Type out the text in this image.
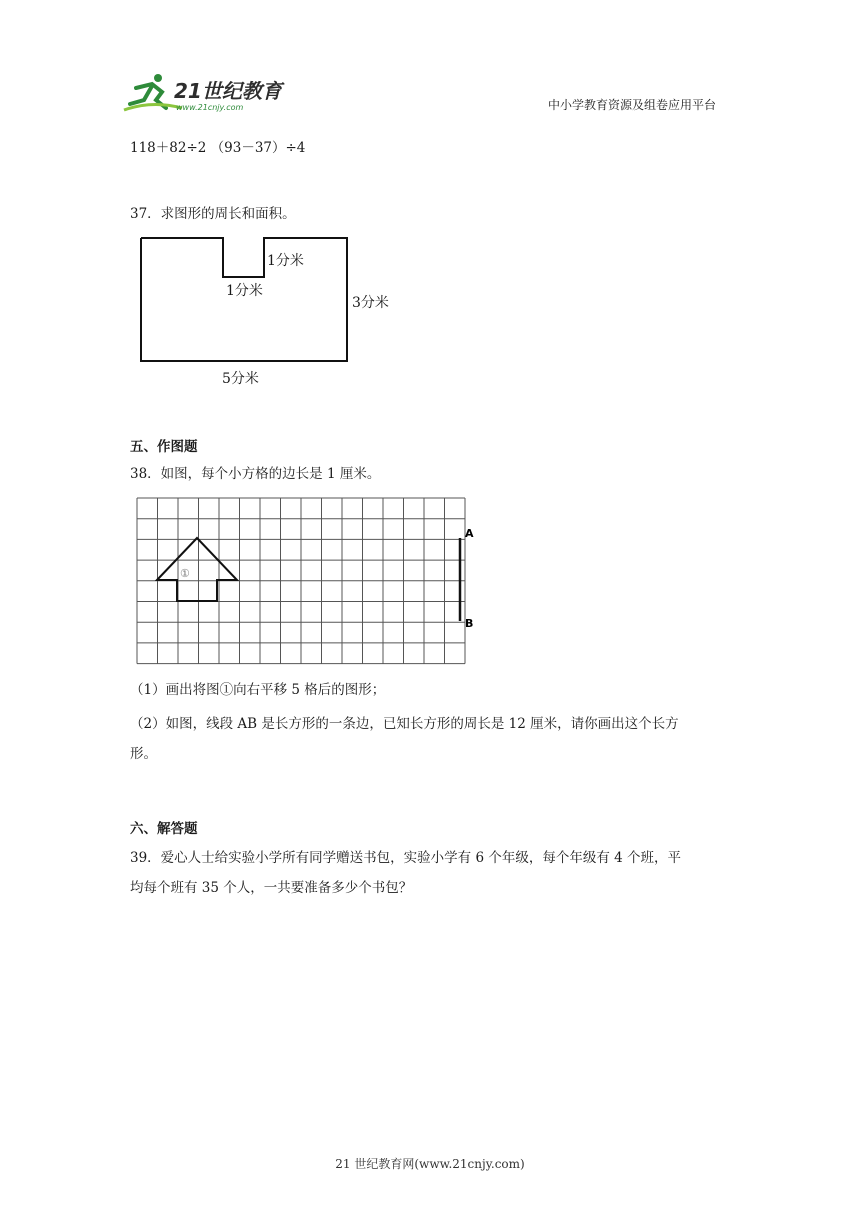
21世纪教育
www.21cnjy.com	中小学教育资源及组卷应用平台
118＋82÷2 （93－37）÷4
37．求图形的周长和面积。
1分米
1分米
3分米
5分米
五、作图题
38．如图，每个小方格的边长是 1 厘米。
①
A
B
（1）画出将图①向右平移 5 格后的图形；
（2）如图，线段 AB 是长方形的一条边，已知长方形的周长是 12 厘米，请你画出这个长方
形。
六、解答题
39．爱心人士给实验小学所有同学赠送书包，实验小学有 6 个年级，每个年级有 4 个班，平
均每个班有 35 个人，一共要准备多少个书包？
21 世纪教育网(www.21cnjy.com)
